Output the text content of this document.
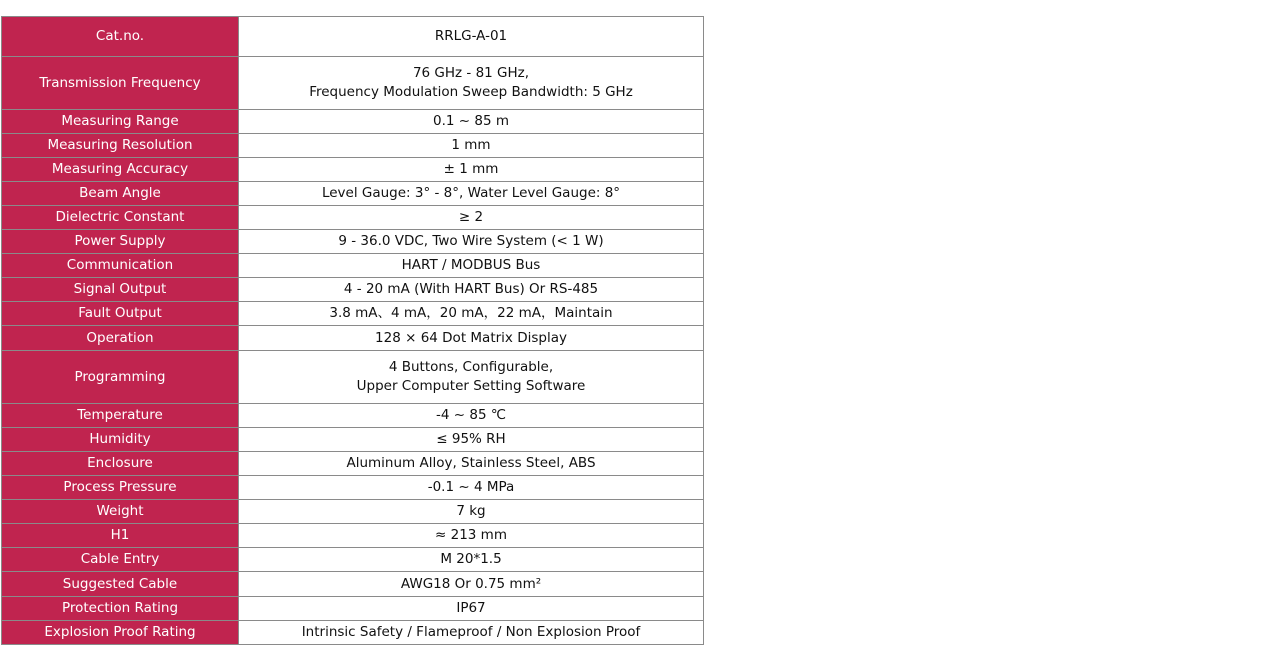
Cat.no.	RRLG-A-01

Transmission Frequency	76 GHz - 81 GHz,
Frequency Modulation Sweep Bandwidth: 5 GHz

Measuring Range	0.1 ~ 85 m

Measuring Resolution	1 mm

Measuring Accuracy	± 1 mm

Beam Angle	Level Gauge: 3° - 8°, Water Level Gauge: 8°

Dielectric Constant	≥ 2

Power Supply	9 - 36.0 VDC, Two Wire System (< 1 W)

Communication	HART / MODBUS Bus

Signal Output	4 - 20 mA (With HART Bus) Or RS-485

Fault Output	3.8 mA、4 mA，20 mA，22 mA，Maintain

Operation	128 × 64 Dot Matrix Display

Programming	4 Buttons, Configurable,
Upper Computer Setting Software

Temperature	-4 ~ 85 ℃

Humidity	≤ 95% RH

Enclosure	Aluminum Alloy, Stainless Steel, ABS

Process Pressure	-0.1 ~ 4 MPa

Weight	7 kg

H1	≈ 213 mm

Cable Entry	M 20*1.5

Suggested Cable	AWG18 Or 0.75 mm²

Protection Rating	IP67

Explosion Proof Rating	Intrinsic Safety / Flameproof / Non Explosion Proof
